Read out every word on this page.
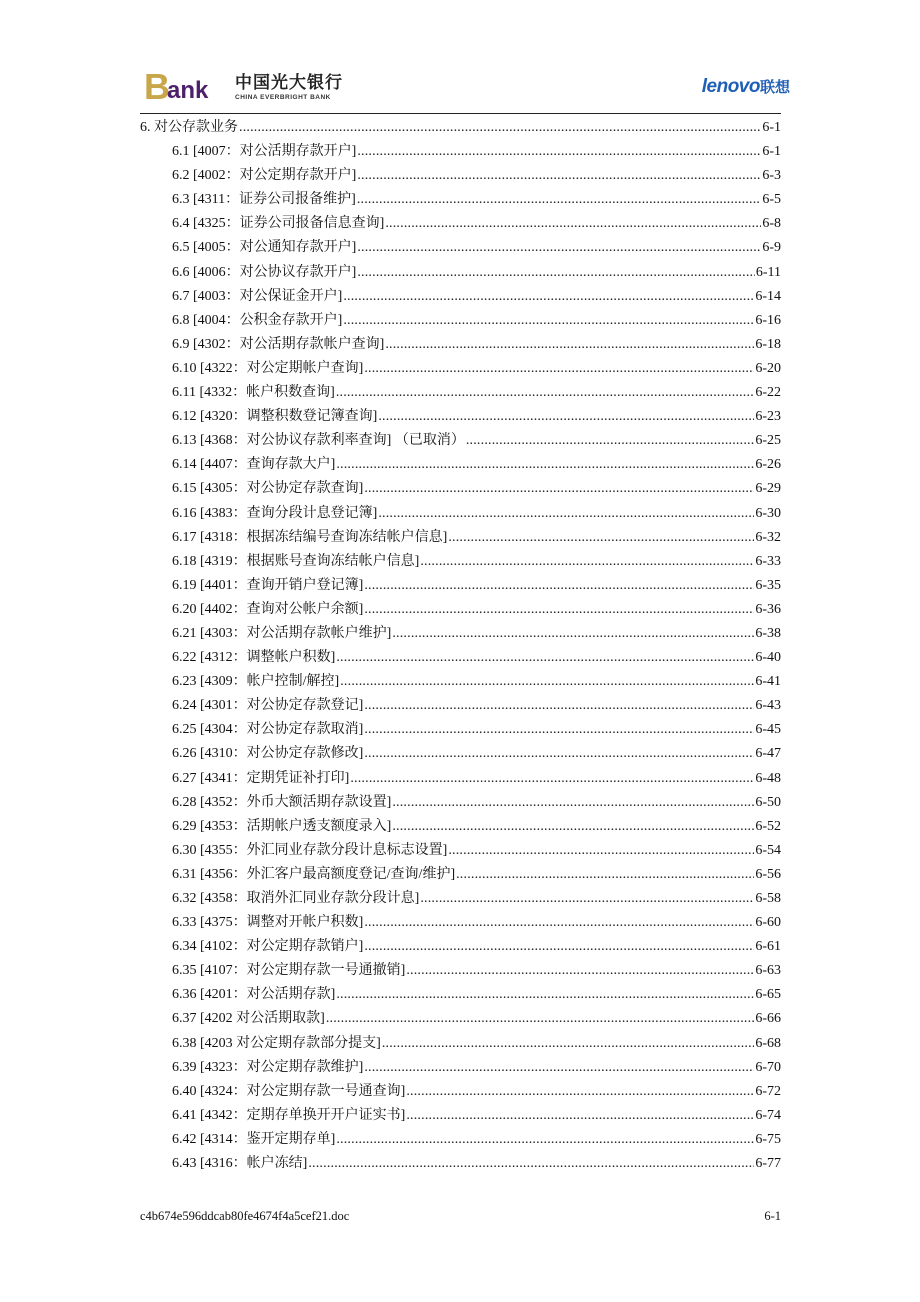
B
ank 中国光大银行
CHINA EVERBRIGHT BANK
lenovo 联想
6. 对公存款业务 .....	6-1
6.1 [4007：对公活期存款开户] .....	6-1
6.2 [4002：对公定期存款开户] .....	6-3
6.3 [4311：证券公司报备维护] .....	6-5
6.4 [4325：证券公司报备信息查询] .....	6-8
6.5 [4005：对公通知存款开户] .....	6-9
6.6 [4006：对公协议存款开户] .....	6-11
6.7 [4003：对公保证金开户] .....	6-14
6.8 [4004：公积金存款开户] .....	6-16
6.9 [4302：对公活期存款帐户查询] .....	6-18
6.10 [4322：对公定期帐户查询] .....	6-20
6.11 [4332：帐户积数查询] .....	6-22
6.12 [4320：调整积数登记簿查询] .....	6-23
6.13 [4368：对公协议存款利率查询] （已取消） .....	6-25
6.14 [4407：查询存款大户] .....	6-26
6.15 [4305：对公协定存款查询] .....	6-29
6.16 [4383：查询分段计息登记簿] .....	6-30
6.17 [4318：根据冻结编号查询冻结帐户信息] .....	6-32
6.18 [4319：根据账号查询冻结帐户信息] .....	6-33
6.19 [4401：查询开销户登记簿] .....	6-35
6.20 [4402：查询对公帐户余额] .....	6-36
6.21 [4303：对公活期存款帐户维护] .....	6-38
6.22 [4312：调整帐户积数] .....	6-40
6.23 [4309：帐户控制/解控] .....	6-41
6.24 [4301：对公协定存款登记] .....	6-43
6.25 [4304：对公协定存款取消] .....	6-45
6.26 [4310：对公协定存款修改] .....	6-47
6.27 [4341：定期凭证补打印] .....	6-48
6.28 [4352：外币大额活期存款设置] .....	6-50
6.29 [4353：活期帐户透支额度录入] .....	6-52
6.30 [4355：外汇同业存款分段计息标志设置] .....	6-54
6.31 [4356：外汇客户最高额度登记/查询/维护] .....	6-56
6.32 [4358：取消外汇同业存款分段计息] .....	6-58
6.33 [4375：调整对开帐户积数] .....	6-60
6.34 [4102：对公定期存款销户] .....	6-61
6.35 [4107：对公定期存款一号通撤销] .....	6-63
6.36 [4201：对公活期存款] .....	6-65
6.37 [4202 对公活期取款] .....	6-66
6.38 [4203 对公定期存款部分提支] .....	6-68
6.39 [4323：对公定期存款维护] .....	6-70
6.40 [4324：对公定期存款一号通查询] .....	6-72
6.41 [4342：定期存单换开开户证实书] .....	6-74
6.42 [4314：鉴开定期存单] .....	6-75
6.43 [4316：帐户冻结] .....	6-77
c4b674e596ddcab80fe4674f4a5cef21.doc	6-1
